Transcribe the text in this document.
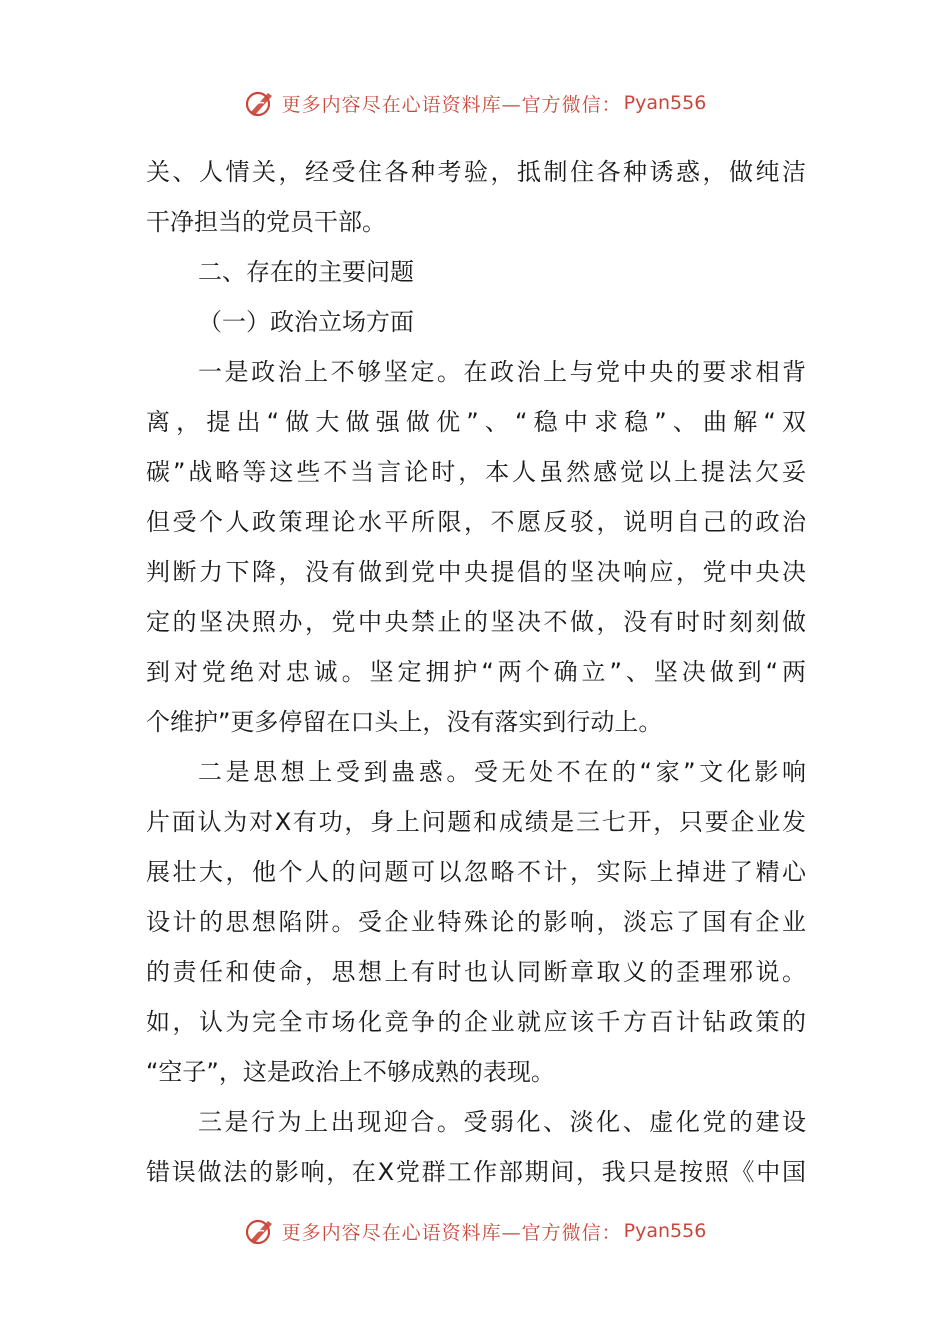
更多内容尽在心语资料库—官方微信： Pyan556
关、人情关，经受住各种考验，抵制住各种诱惑，做纯洁
干净担当的党员干部。
二、存在的主要问题
（一）政治立场方面
一是政治上不够坚定。在政治上与党中央的要求相背
离，提出“做大做强做优”、“稳中求稳”、曲解“双
碳”战略等这些不当言论时，本人虽然感觉以上提法欠妥
但受个人政策理论水平所限，不愿反驳，说明自己的政治
判断力下降，没有做到党中央提倡的坚决响应，党中央决
定的坚决照办，党中央禁止的坚决不做，没有时时刻刻做
到对党绝对忠诚。坚定拥护“两个确立”、坚决做到“两
个维护”更多停留在口头上，没有落实到行动上。
二是思想上受到蛊惑。受无处不在的“家”文化影响
片面认为对X有功，身上问题和成绩是三七开，只要企业发
展壮大，他个人的问题可以忽略不计，实际上掉进了精心
设计的思想陷阱。受企业特殊论的影响，淡忘了国有企业
的责任和使命，思想上有时也认同断章取义的歪理邪说。
如，认为完全市场化竞争的企业就应该千方百计钻政策的
“空子”，这是政治上不够成熟的表现。
三是行为上出现迎合。受弱化、淡化、虚化党的建设
错误做法的影响，在X党群工作部期间，我只是按照《中国
更多内容尽在心语资料库—官方微信： Pyan556
